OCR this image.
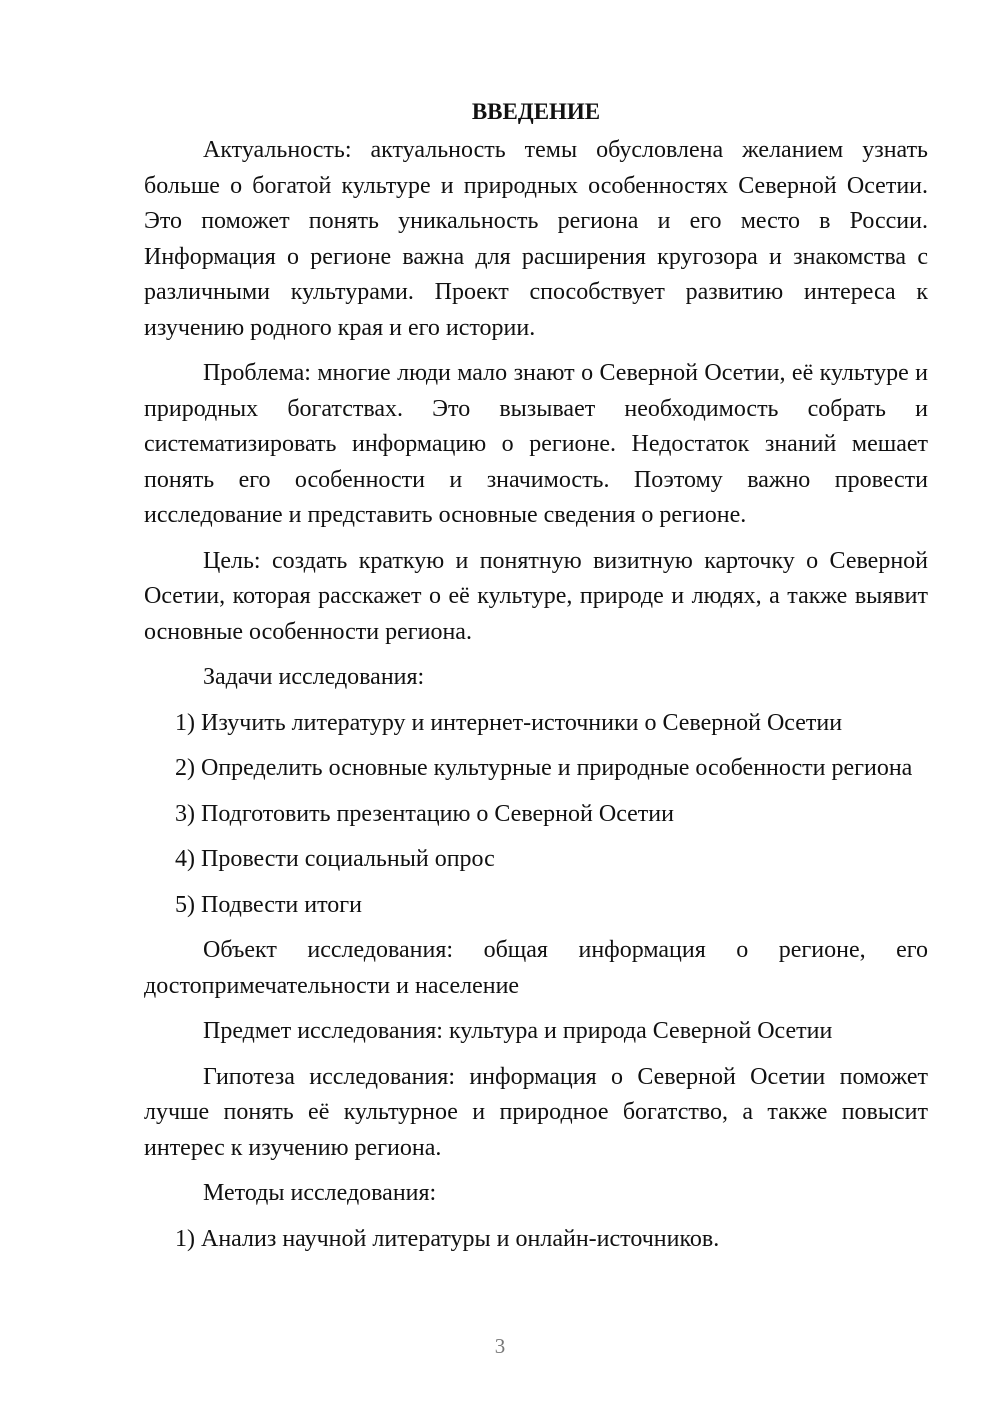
ВВЕДЕНИЕ

Актуальность: актуальность темы обусловлена желанием узнать больше о богатой культуре и природных особенностях Северной Осетии. Это поможет понять уникальность региона и его место в России. Информация о регионе важна для расширения кругозора и знакомства с различными культурами. Проект способствует развитию интереса к изучению родного края и его истории.

Проблема: многие люди мало знают о Северной Осетии, её культуре и природных богатствах. Это вызывает необходимость собрать и систематизировать информацию о регионе. Недостаток знаний мешает понять его особенности и значимость. Поэтому важно провести исследование и представить основные сведения о регионе.

Цель: создать краткую и понятную визитную карточку о Северной Осетии, которая расскажет о её культуре, природе и людях, а также выявит основные особенности региона.

Задачи исследования:

1) Изучить литературу и интернет-источники о Северной Осетии

2) Определить основные культурные и природные особенности региона

3) Подготовить презентацию о Северной Осетии

4) Провести социальный опрос

5) Подвести итоги

Объект исследования: общая информация о регионе, его достопримечательности и население

Предмет исследования: культура и природа Северной Осетии

Гипотеза исследования: информация о Северной Осетии поможет лучше понять её культурное и природное богатство, а также повысит интерес к изучению региона.

Методы исследования:

1) Анализ научной литературы и онлайн-источников.

3
